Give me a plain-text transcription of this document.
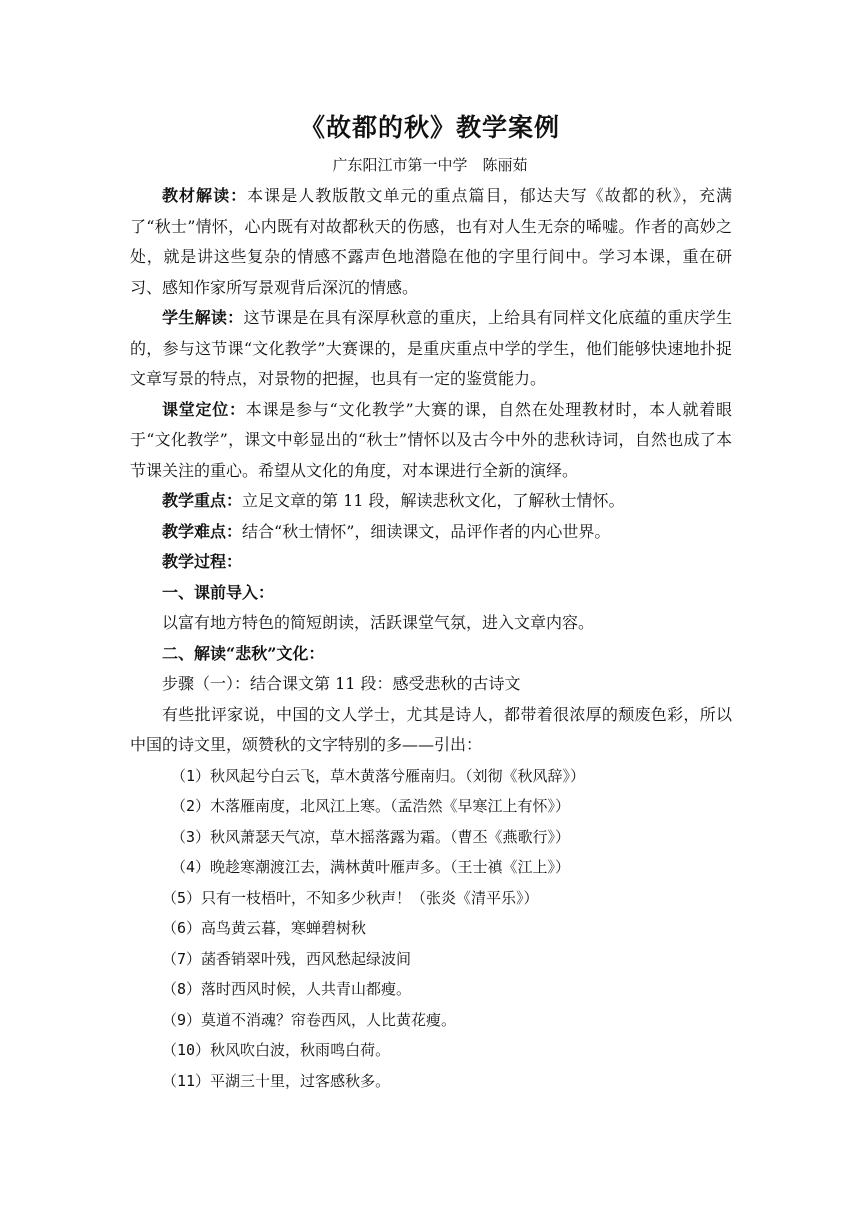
《故都的秋》教学案例
广东阳江市第一中学　陈丽茹

教材解读：本课是人教版散文单元的重点篇目，郁达夫写《故都的秋》，充满了“秋士”情怀，心内既有对故都秋天的伤感，也有对人生无奈的唏嘘。作者的高妙之处，就是讲这些复杂的情感不露声色地潜隐在他的字里行间中。学习本课，重在研习、感知作家所写景观背后深沉的情感。

学生解读：这节课是在具有深厚秋意的重庆，上给具有同样文化底蕴的重庆学生的，参与这节课“文化教学”大赛课的，是重庆重点中学的学生，他们能够快速地扑捉文章写景的特点，对景物的把握，也具有一定的鉴赏能力。

课堂定位：本课是参与“文化教学”大赛的课，自然在处理教材时，本人就着眼于“文化教学”，课文中彰显出的“秋士”情怀以及古今中外的悲秋诗词，自然也成了本节课关注的重心。希望从文化的角度，对本课进行全新的演绎。

教学重点：立足文章的第 11 段，解读悲秋文化，了解秋士情怀。

教学难点：结合“秋士情怀”，细读课文，品评作者的内心世界。

教学过程：

一、课前导入：

以富有地方特色的简短朗读，活跃课堂气氛，进入文章内容。

二、解读“悲秋”文化：

步骤（一）：结合课文第 11 段：感受悲秋的古诗文

有些批评家说，中国的文人学士，尤其是诗人，都带着很浓厚的颓废色彩，所以中国的诗文里，颂赞秋的文字特别的多——引出：

（1）秋风起兮白云飞，草木黄落兮雁南归。（刘彻《秋风辞》）

（2）木落雁南度，北风江上寒。（孟浩然《早寒江上有怀》）

（3）秋风萧瑟天气凉，草木摇落露为霜。（曹丕《燕歌行》）

（4）晚趁寒潮渡江去，满林黄叶雁声多。（王士禛《江上》）

（5）只有一枝梧叶，不知多少秋声！（张炎《清平乐》）

（6）高鸟黄云暮，寒蝉碧树秋

（7）菡香销翠叶残，西风愁起绿波间

（8）落时西风时候，人共青山都瘦。

（9）莫道不消魂？帘卷西风，人比黄花瘦。

（10）秋风吹白波，秋雨鸣白荷。

（11）平湖三十里，过客感秋多。
